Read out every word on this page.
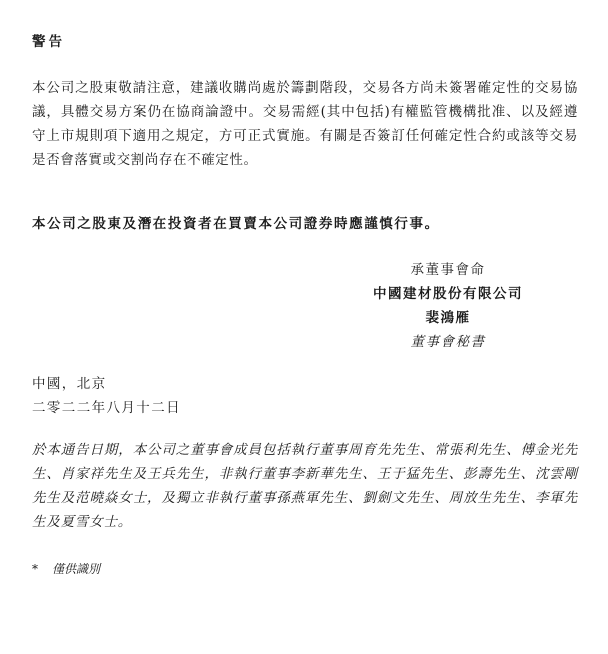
警告
本公司之股東敬請注意，建議收購尚處於籌劃階段，交易各方尚未簽署確定性的交易協議，具體交易方案仍在協商論證中。交易需經(其中包括)有權監管機構批准、以及經遵守上市規則項下適用之規定，方可正式實施。有關是否簽訂任何確定性合約或該等交易是否會落實或交割尚存在不確定性。
本公司之股東及潛在投資者在買賣本公司證券時應謹慎行事。
承董事會命
中國建材股份有限公司
裴鴻雁
董事會秘書
中國，北京
二零二二年八月十二日
於本通告日期，本公司之董事會成員包括執行董事周育先先生、常張利先生、傅金光先生、肖家祥先生及王兵先生，非執行董事李新華先生、王于猛先生、彭壽先生、沈雲剛先生及范曉焱女士，及獨立非執行董事孫燕軍先生、劉劍文先生、周放生先生、李軍先生及夏雪女士。
* 僅供識別
